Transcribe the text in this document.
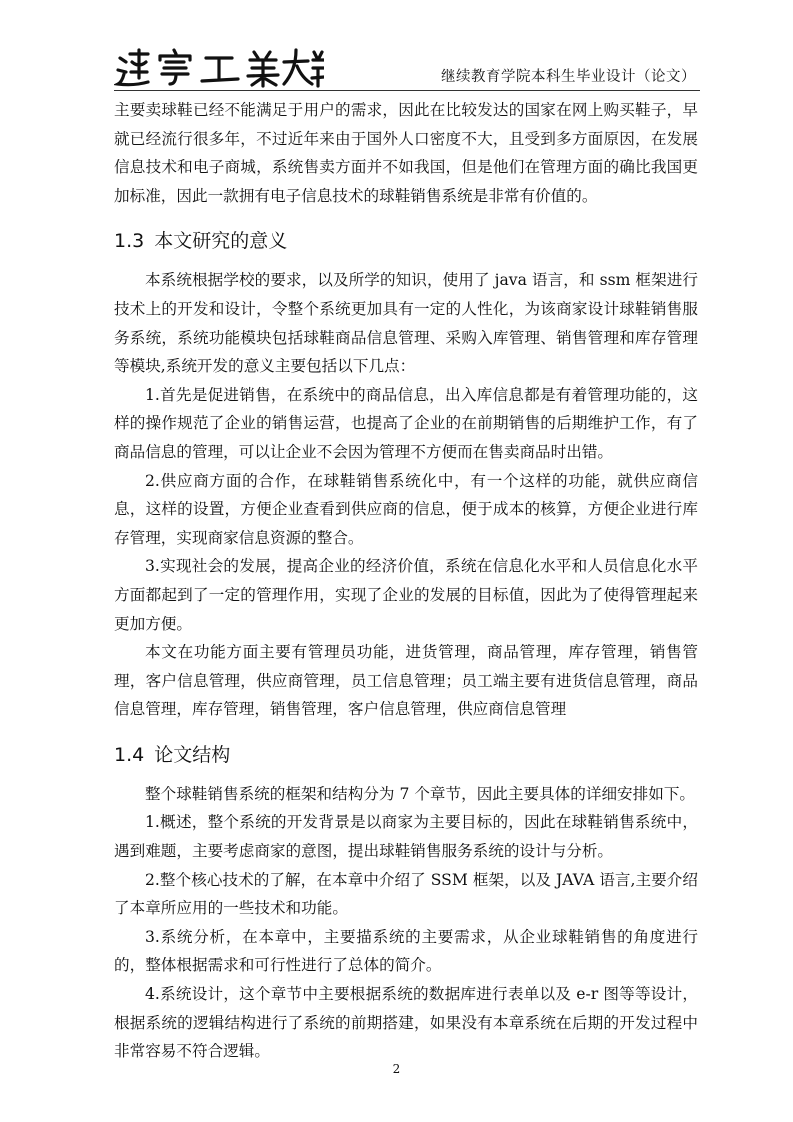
遼寧工業大學
继续教育学院本科生毕业设计（论文）

主要卖球鞋已经不能满足于用户的需求，因此在比较发达的国家在网上购买鞋子，早就已经流行很多年，不过近年来由于国外人口密度不大，且受到多方面原因，在发展信息技术和电子商城，系统售卖方面并不如我国，但是他们在管理方面的确比我国更加标准，因此一款拥有电子信息技术的球鞋销售系统是非常有价值的。

1.3 本文研究的意义

本系统根据学校的要求，以及所学的知识，使用了 java 语言，和 ssm 框架进行技术上的开发和设计，令整个系统更加具有一定的人性化，为该商家设计球鞋销售服务系统，系统功能模块包括球鞋商品信息管理、采购入库管理、销售管理和库存管理等模块,系统开发的意义主要包括以下几点：

1.首先是促进销售，在系统中的商品信息，出入库信息都是有着管理功能的，这样的操作规范了企业的销售运营，也提高了企业的在前期销售的后期维护工作，有了商品信息的管理，可以让企业不会因为管理不方便而在售卖商品时出错。

2.供应商方面的合作，在球鞋销售系统化中，有一个这样的功能，就供应商信息，这样的设置，方便企业查看到供应商的信息，便于成本的核算，方便企业进行库存管理，实现商家信息资源的整合。

3.实现社会的发展，提高企业的经济价值，系统在信息化水平和人员信息化水平方面都起到了一定的管理作用，实现了企业的发展的目标值，因此为了使得管理起来更加方便。

本文在功能方面主要有管理员功能，进货管理，商品管理，库存管理，销售管理，客户信息管理，供应商管理，员工信息管理；员工端主要有进货信息管理，商品信息管理，库存管理，销售管理，客户信息管理，供应商信息管理

1.4 论文结构

整个球鞋销售系统的框架和结构分为 7 个章节，因此主要具体的详细安排如下。

1.概述，整个系统的开发背景是以商家为主要目标的，因此在球鞋销售系统中，遇到难题，主要考虑商家的意图，提出球鞋销售服务系统的设计与分析。

2.整个核心技术的了解，在本章中介绍了 SSM 框架，以及 JAVA 语言,主要介绍了本章所应用的一些技术和功能。

3.系统分析，在本章中，主要描系统的主要需求，从企业球鞋销售的角度进行的，整体根据需求和可行性进行了总体的简介。

4.系统设计，这个章节中主要根据系统的数据库进行表单以及 e-r 图等等设计，根据系统的逻辑结构进行了系统的前期搭建，如果没有本章系统在后期的开发过程中非常容易不符合逻辑。

2
